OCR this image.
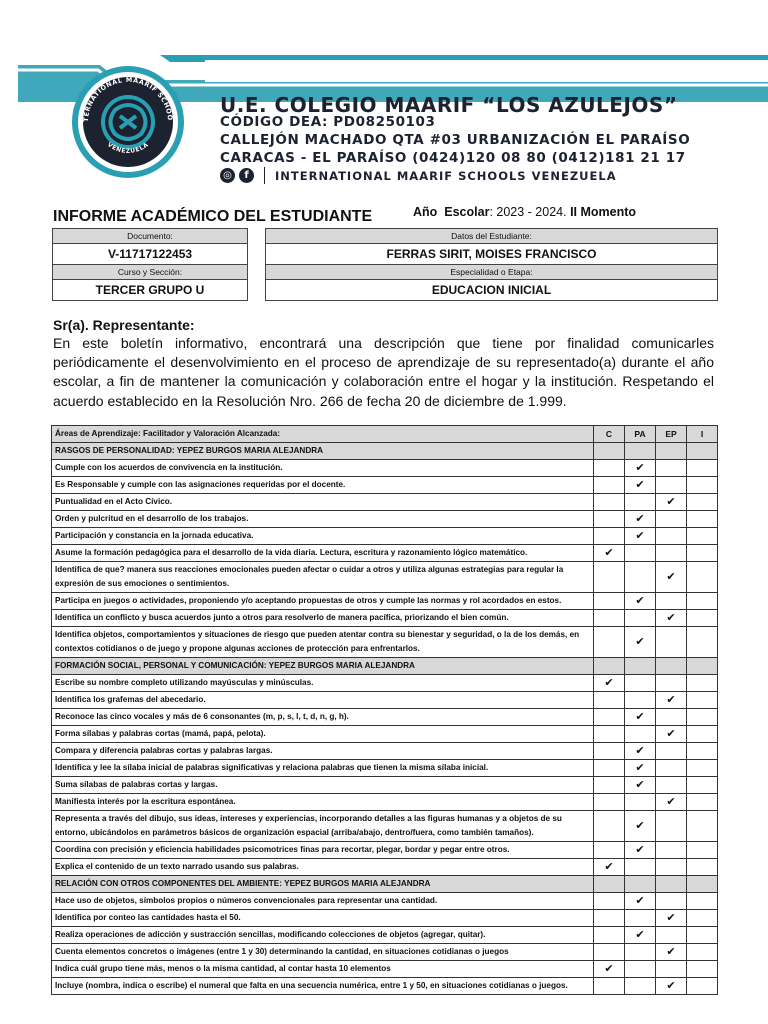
TERNATIONAL MAARIF SCHOO
VENEZUELA
U.E. COLEGIO MAARIF “LOS AZULEJOS”
CÓDIGO DEA: PD08250103
CALLEJÓN MACHADO QTA #03 URBANIZACIÓN EL PARAÍSO
CARACAS - EL PARAÍSO (0424)120 08 80 (0412)181 21 17
◎	f	INTERNATIONAL MAARIF SCHOOLS VENEZUELA
INFORME ACADÉMICO DEL ESTUDIANTE	Año Escolar: 2023 - 2024. II Momento
Documento:
V-11717122453
Curso y Sección:
TERCER GRUPO U
Datos del Estudiante:
FERRAS SIRIT, MOISES FRANCISCO
Especialidad o Etapa:
EDUCACION INICIAL
Sr(a). Representante:
En este boletín informativo, encontrará una descripción que tiene por finalidad comunicarles periódicamente el desenvolvimiento en el proceso de aprendizaje de su representado(a) durante el año escolar, a fin de mantener la comunicación y colaboración entre el hogar y la institución. Respetando el acuerdo establecido en la Resolución Nro. 266 de fecha 20 de diciembre de 1.999.
Áreas de Aprendizaje: Facilitador y Valoración Alcanzada:	C	PA	EP	I
RASGOS DE PERSONALIDAD: YEPEZ BURGOS MARIA ALEJANDRA				
Cumple con los acuerdos de convivencia en la institución.		✔		
Es Responsable y cumple con las asignaciones requeridas por el docente.		✔		
Puntualidad en el Acto Cívico.			✔	
Orden y pulcritud en el desarrollo de los trabajos.		✔		
Participación y constancia en la jornada educativa.		✔		
Asume la formación pedagógica para el desarrollo de la vida diaria. Lectura, escritura y razonamiento lógico matemático.	✔			
Identifica de que? manera sus reacciones emocionales pueden afectar o cuidar a otros y utiliza algunas estrategias para regular la expresión de sus emociones o sentimientos.			✔	
Participa en juegos o actividades, proponiendo y/o aceptando propuestas de otros y cumple las normas y rol acordados en estos.		✔		
Identifica un conflicto y busca acuerdos junto a otros para resolverlo de manera pacífica, priorizando el bien común.			✔	
Identifica objetos, comportamientos y situaciones de riesgo que pueden atentar contra su bienestar y seguridad, o la de los demás, en contextos cotidianos o de juego y propone algunas acciones de protección para enfrentarlos.		✔		
FORMACIÓN SOCIAL, PERSONAL Y COMUNICACIÓN: YEPEZ BURGOS MARIA ALEJANDRA				
Escribe su nombre completo utilizando mayúsculas y minúsculas.	✔			
Identifica los grafemas del abecedario.			✔	
Reconoce las cinco vocales y más de 6 consonantes (m, p, s, l, t, d, n, g, h).		✔		
Forma sílabas y palabras cortas (mamá, papá, pelota).			✔	
Compara y diferencia palabras cortas y palabras largas.		✔		
Identifica y lee la sílaba inicial de palabras significativas y relaciona palabras que tienen la misma sílaba inicial.		✔		
Suma sílabas de palabras cortas y largas.		✔		
Manifiesta interés por la escritura espontánea.			✔	
Representa a través del dibujo, sus ideas, intereses y experiencias, incorporando detalles a las figuras humanas y a objetos de su entorno, ubicándolos en parámetros básicos de organización espacial (arriba/abajo, dentro/fuera, como también tamaños).		✔		
Coordina con precisión y eficiencia habilidades psicomotrices finas para recortar, plegar, bordar y pegar entre otros.		✔		
Explica el contenido de un texto narrado usando sus palabras.	✔			
RELACIÓN CON OTROS COMPONENTES DEL AMBIENTE: YEPEZ BURGOS MARIA ALEJANDRA				
Hace uso de objetos, símbolos propios o números convencionales para representar una cantidad.		✔		
Identifica por conteo las cantidades hasta el 50.			✔	
Realiza operaciones de adicción y sustracción sencillas, modificando colecciones de objetos (agregar, quitar).		✔		
Cuenta elementos concretos o imágenes (entre 1 y 30) determinando la cantidad, en situaciones cotidianas o juegos			✔	
Indica cuál grupo tiene más, menos o la misma cantidad, al contar hasta 10 elementos	✔			
Incluye (nombra, indica o escribe) el numeral que falta en una secuencia numérica, entre 1 y 50, en situaciones cotidianas o juegos.			✔	
